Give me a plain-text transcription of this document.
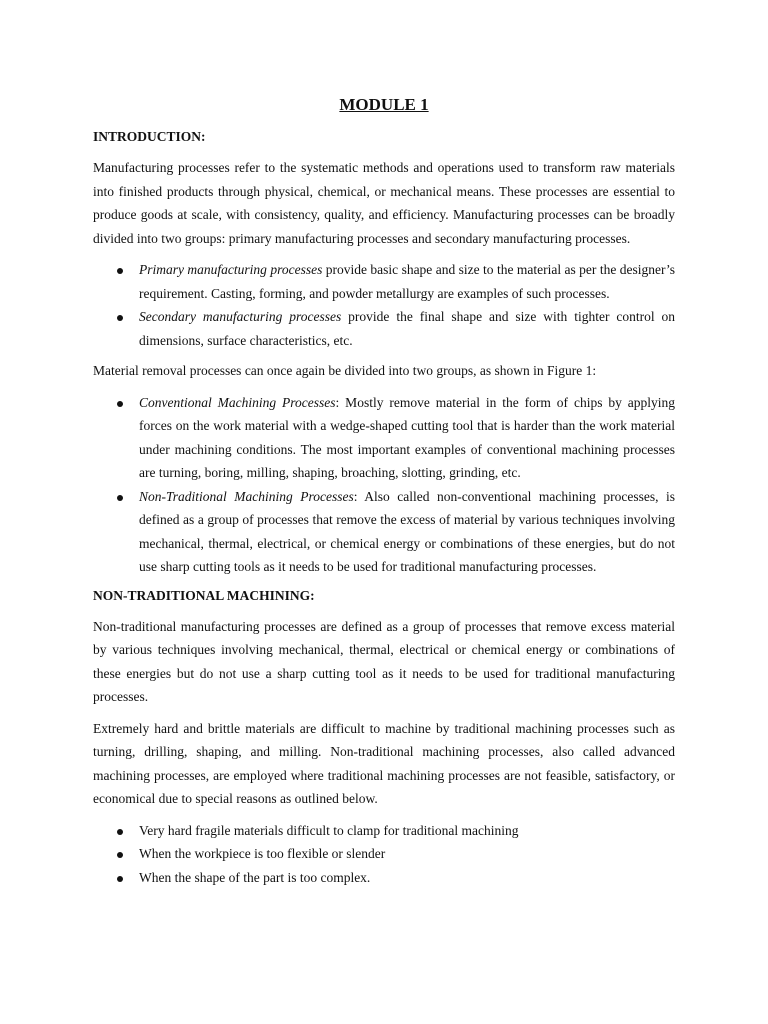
MODULE 1
INTRODUCTION:

Manufacturing processes refer to the systematic methods and operations used to transform raw materials into finished products through physical, chemical, or mechanical means. These processes are essential to produce goods at scale, with consistency, quality, and efficiency. Manufacturing processes can be broadly divided into two groups: primary manufacturing processes and secondary manufacturing processes.

Primary manufacturing processes provide basic shape and size to the material as per the designer’s requirement. Casting, forming, and powder metallurgy are examples of such processes.
Secondary manufacturing processes provide the final shape and size with tighter control on dimensions, surface characteristics, etc.

Material removal processes can once again be divided into two groups, as shown in Figure 1:

Conventional Machining Processes: Mostly remove material in the form of chips by applying forces on the work material with a wedge-shaped cutting tool that is harder than the work material under machining conditions. The most important examples of conventional machining processes are turning, boring, milling, shaping, broaching, slotting, grinding, etc.
Non-Traditional Machining Processes: Also called non-conventional machining processes, is defined as a group of processes that remove the excess of material by various techniques involving mechanical, thermal, electrical, or chemical energy or combinations of these energies, but do not use sharp cutting tools as it needs to be used for traditional manufacturing processes.
NON-TRADITIONAL MACHINING:

Non-traditional manufacturing processes are defined as a group of processes that remove excess material by various techniques involving mechanical, thermal, electrical or chemical energy or combinations of these energies but do not use a sharp cutting tool as it needs to be used for traditional manufacturing processes.

Extremely hard and brittle materials are difficult to machine by traditional machining processes such as turning, drilling, shaping, and milling. Non-traditional machining processes, also called advanced machining processes, are employed where traditional machining processes are not feasible, satisfactory, or economical due to special reasons as outlined below.

Very hard fragile materials difficult to clamp for traditional machining
When the workpiece is too flexible or slender
When the shape of the part is too complex.
